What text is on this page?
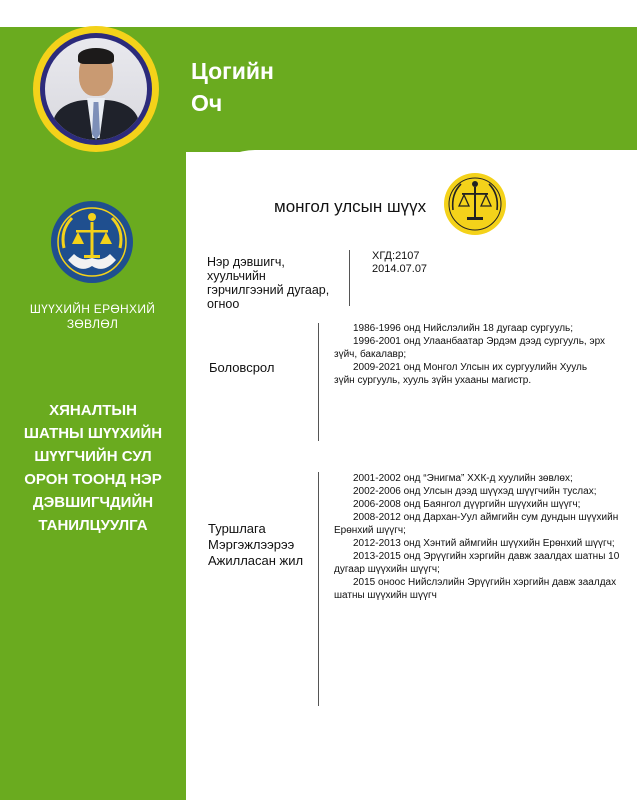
Цогийн
Оч
ШҮҮХИЙН ЕРӨНХИЙ ЗӨВЛӨЛ
ХЯНАЛТЫН ШАТНЫ ШҮҮХИЙН ШҮҮГЧИЙН СУЛ ОРОН ТООНД НЭР ДЭВШИГЧДИЙН ТАНИЛЦУУЛГА
монгол улсын шүүх
Нэр дэвшигч, хуульчийн гэрчилгээний дугаар, огноо
ХГД:2107
2014.07.07
Боловсрол

1986-1996 онд Нийслэлийн 18 дугаар сургууль;

1996-2001 онд Улаанбаатар Эрдэм дээд сургууль, эрх зүйч, бакалавр;

2009-2021 онд Монгол Улсын их сургуулийн Хууль зүйн сургууль, хууль зүйн ухааны магистр.

Туршлага Мэргэжлээрээ Ажилласан жил

2001-2002 онд “Энигма” ХХК-д хуулийн зөвлөх;

2002-2006 онд Улсын дээд шүүхэд шүүгчийн туслах;

2006-2008 онд Баянгол дүүргийн шүүхийн шүүгч;

2008-2012 онд Дархан-Уул аймгийн сум дундын шүүхийн Ерөнхий шүүгч;

2012-2013 онд Хэнтий аймгийн шүүхийн Ерөнхий шүүгч;

2013-2015 онд Эрүүгийн хэргийн давж заалдах шатны 10 дугаар шүүхийн шүүгч;

2015 оноос Нийслэлийн Эрүүгийн хэргийн давж заалдах шатны шүүхийн шүүгч
